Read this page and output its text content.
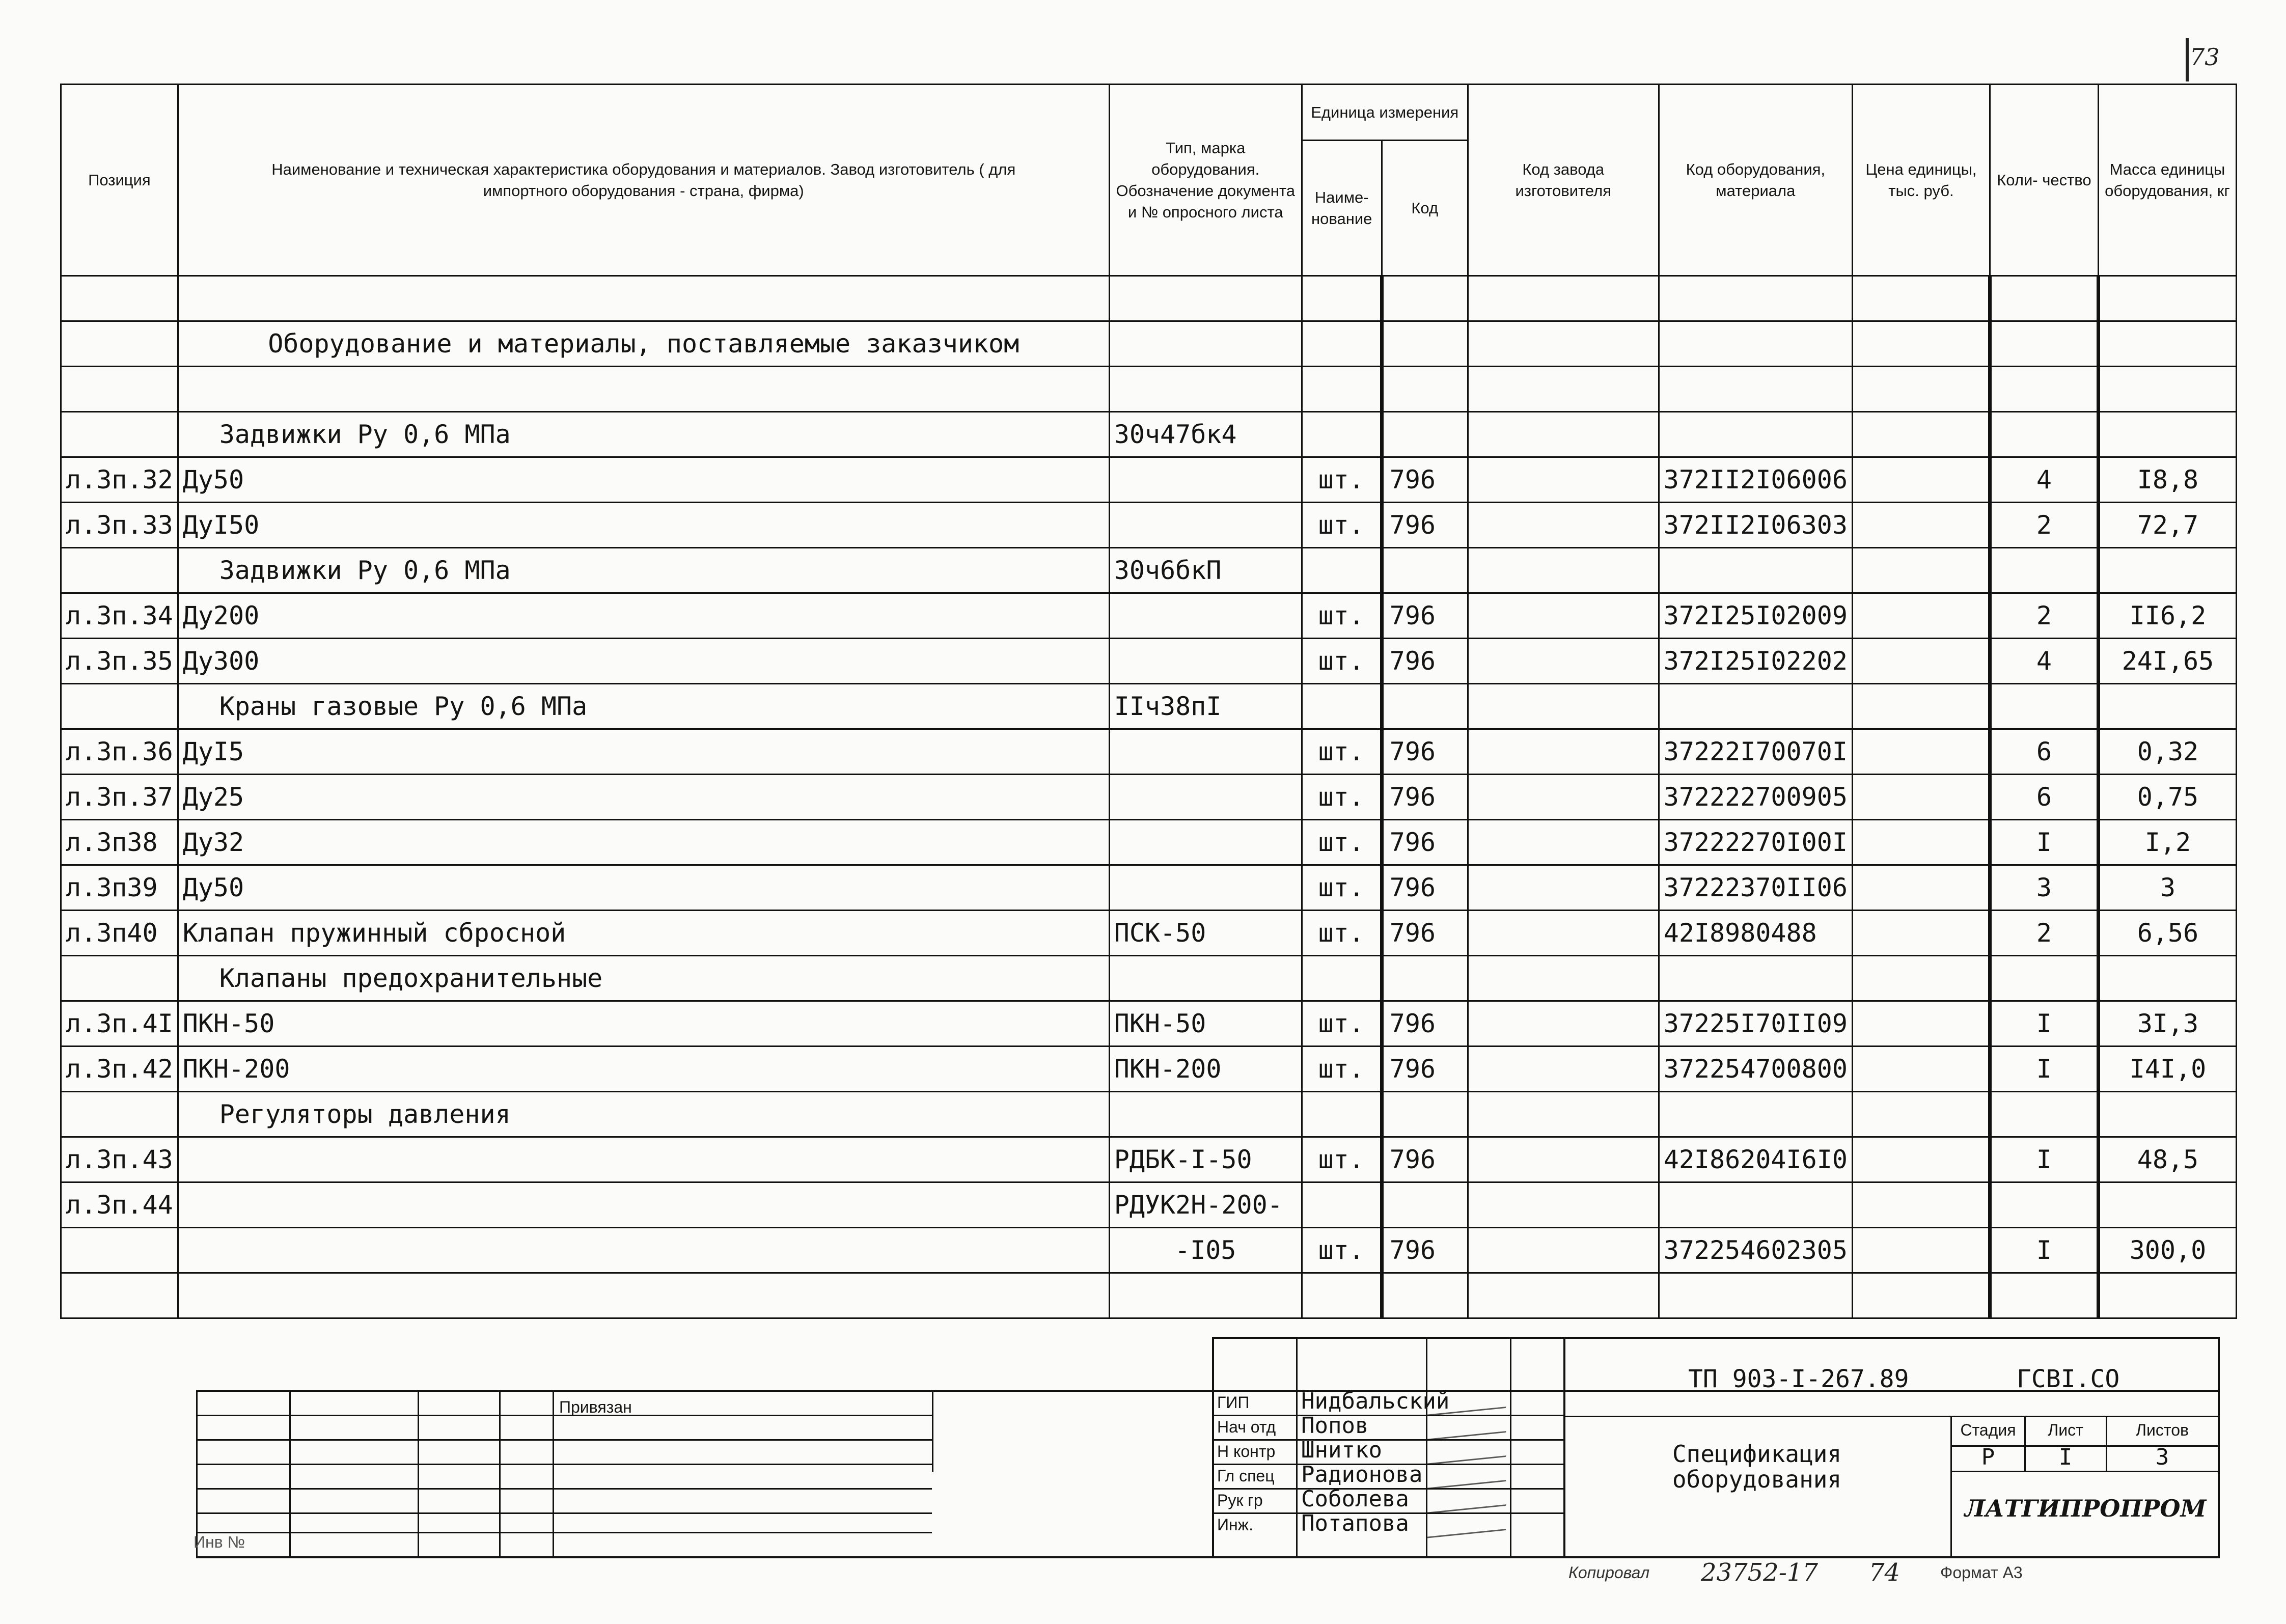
73
Позиция	Наименование и техническая характеристика оборудования и материалов. Завод изготовитель ( для импортного оборудования - страна, фирма)	Тип, марка оборудования. Обозначение документа и № опросного листа	Единица измерения		Код завода изготовителя	Код оборудования, материала	Цена единицы, тыс. руб.	Коли- чество	Масса единицы оборудования, кг
			Наиме- нование	Код					

	Оборудование и материалы, поставляемые заказчиком								

	Задвижки Ру 0,6 МПа	30ч47бк4							
л.Зп.32	Ду50		шт.	796		372II2I06006		4	I8,8
л.Зп.33	ДуI50		шт.	796		372II2I06303		2	72,7
	Задвижки Ру 0,6 МПа	30ч6бкП							
л.Зп.34	Ду200		шт.	796		372I25I02009		2	II6,2
л.Зп.35	Ду300		шт.	796		372I25I02202		4	24I,65
	Краны газовые Ру 0,6 МПа	IIч38пI							
л.Зп.36	ДуI5		шт.	796		37222I70070I		6	0,32
л.Зп.37	Ду25		шт.	796		372222700905		6	0,75
л.Зп38	Ду32		шт.	796		37222270I00I		I	I,2
л.Зп39	Ду50		шт.	796		37222370II06		3	3
л.Зп40	Клапан пружинный сбросной	ПСК-50	шт.	796		42I8980488		2	6,56
	Клапаны предохранительные								
л.Зп.4I	ПКН-50	ПКН-50	шт.	796		37225I70II09		I	3I,3
л.Зп.42	ПКН-200	ПКН-200	шт.	796		372254700800		I	I4I,0
	Регуляторы давления								
л.Зп.43		РДБК-I-50	шт.	796		42I86204I6I0		I	48,5
л.Зп.44		РДУК2Н-200-							
		-I05	шт.	796		372254602305		I	300,0

Привязан
Инв №
ГИП Нидбальский
Нач отд Попов
Н контр Шнитко
Гл спец Радионова
Рук гр Соболева
Инж. Потапова
ТП 903-I-267.89	ГСВI.СО
Спецификация оборудования
Стадия	Лист	Листов
Р	I	3
ЛАТГИПРОПРОМ
Копировал 23752-17 74 Формат А3
